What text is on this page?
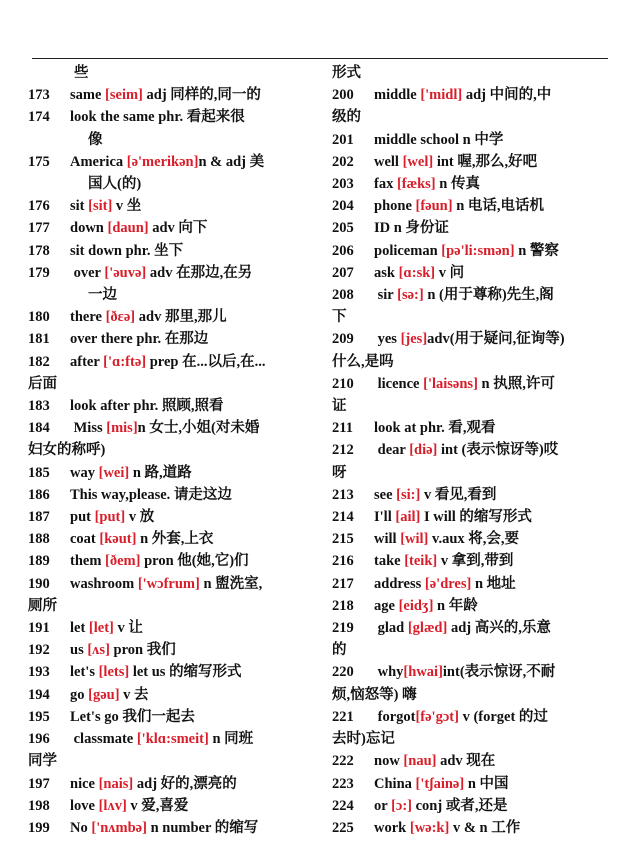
些
173 same [seim] adj 同样的,同一的
174 look the same phr. 看起来很
像
175 America [ə'merikən]n & adj 美
国人(的)
176 sit [sit] v 坐
177 down [daun] adv 向下
178 sit down phr. 坐下
179 over ['əuvə] adv 在那边,在另
一边
180 there [ðεə] adv 那里,那儿
181 over there phr. 在那边
182 after ['ɑ:ftə] prep 在...以后,在...
后面
183 look after phr. 照顾,照看
184 Miss [mis]n 女士,小姐(对未婚
妇女的称呼)
185 way [wei] n 路,道路
186 This way,please. 请走这边
187 put [put] v 放
188 coat [kəut] n 外套,上衣
189 them [ðem] pron 他(她,它)们
190 washroom ['wɔfrum] n 盥洗室,
厕所
191 let [let] v 让
192 us [ʌs] pron 我们
193 let's [lets] let us 的缩写形式
194 go [gəu] v 去
195 Let's go 我们一起去
196 classmate ['klɑ:smeit] n 同班
同学
197 nice [nais] adj 好的,漂亮的
198 love [lʌv] v 爱,喜爱
199 No ['nʌmbə] n number 的缩写
形式
200 middle ['midl] adj 中间的,中
级的
201 middle school n 中学
202 well [wel] int 喔,那么,好吧
203 fax [fæks] n 传真
204 phone [fəun] n 电话,电话机
205 ID n 身份证
206 policeman [pə'li:smən] n 警察
207 ask [ɑ:sk] v 问
208 sir [sə:] n (用于尊称)先生,阁
下
209 yes [jes]adv(用于疑问,征询等)
什么,是吗
210 licence ['laisəns] n 执照,许可
证
211 look at phr. 看,观看
212 dear [diə] int (表示惊讶等)哎
呀
213 see [si:] v 看见,看到
214 I'll [ail] I will 的缩写形式
215 will [wil] v.aux 将,会,要
216 take [teik] v 拿到,带到
217 address [ə'dres] n 地址
218 age [eidʒ] n 年龄
219 glad [glæd] adj 高兴的,乐意
的
220 why[hwai]int(表示惊讶,不耐
烦,恼怒等) 嗨
221 forgot[fə'gɔt] v (forget 的过
去时)忘记
222 now [nau] adv 现在
223 China ['tʃainə] n 中国
224 or [ɔ:] conj 或者,还是
225 work [wə:k] v & n 工作
